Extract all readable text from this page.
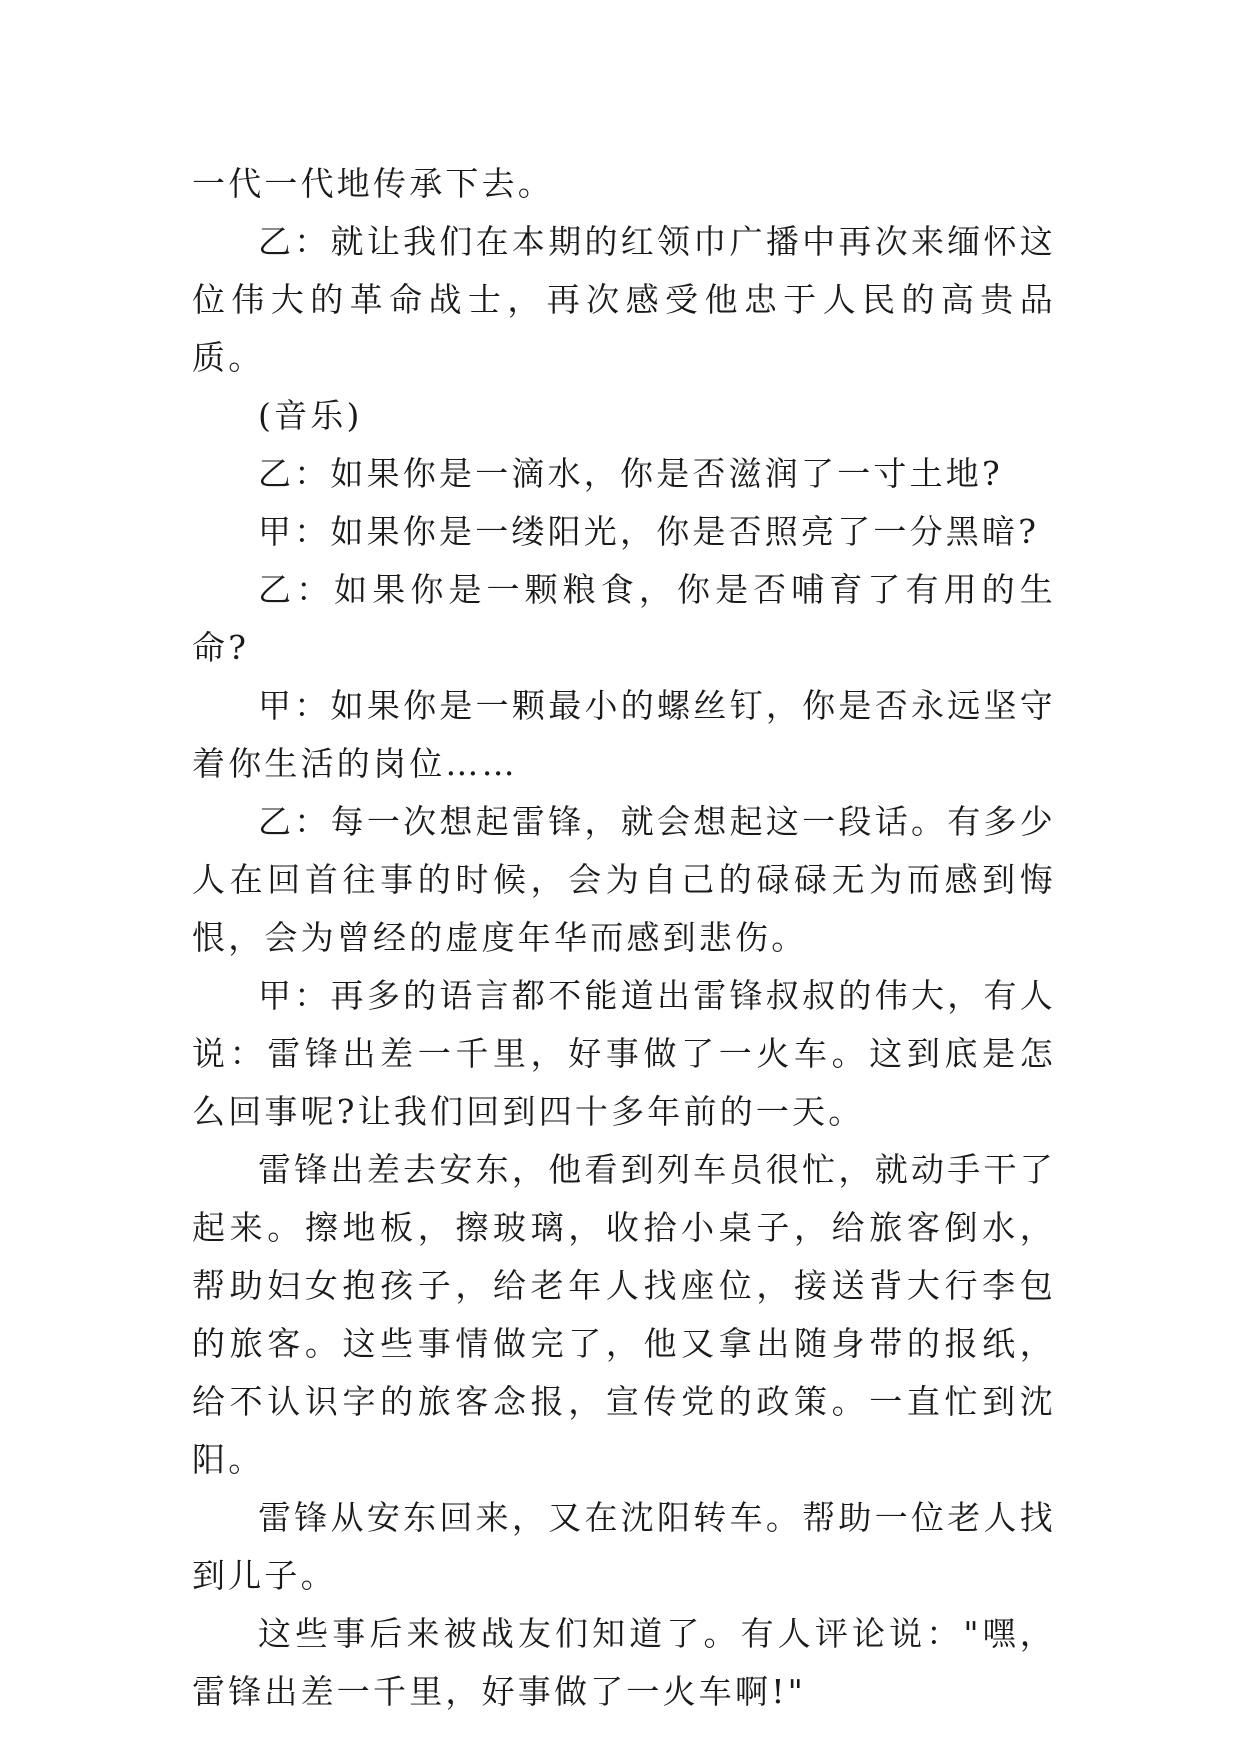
一代一代地传承下去。

乙：就让我们在本期的红领巾广播中再次来缅怀这位伟大的革命战士，再次感受他忠于人民的高贵品质。

(音乐)

乙：如果你是一滴水，你是否滋润了一寸土地?

甲：如果你是一缕阳光，你是否照亮了一分黑暗?

乙：如果你是一颗粮食，你是否哺育了有用的生命?

甲：如果你是一颗最小的螺丝钉，你是否永远坚守着你生活的岗位……

乙：每一次想起雷锋，就会想起这一段话。有多少人在回首往事的时候，会为自己的碌碌无为而感到悔恨，会为曾经的虚度年华而感到悲伤。

甲：再多的语言都不能道出雷锋叔叔的伟大，有人说：雷锋出差一千里，好事做了一火车。这到底是怎么回事呢?让我们回到四十多年前的一天。

雷锋出差去安东，他看到列车员很忙，就动手干了起来。擦地板，擦玻璃，收拾小桌子，给旅客倒水，帮助妇女抱孩子，给老年人找座位，接送背大行李包的旅客。这些事情做完了，他又拿出随身带的报纸，给不认识字的旅客念报，宣传党的政策。一直忙到沈阳。

雷锋从安东回来，又在沈阳转车。帮助一位老人找到儿子。

这些事后来被战友们知道了。有人评论说："嘿，雷锋出差一千里，好事做了一火车啊!"
